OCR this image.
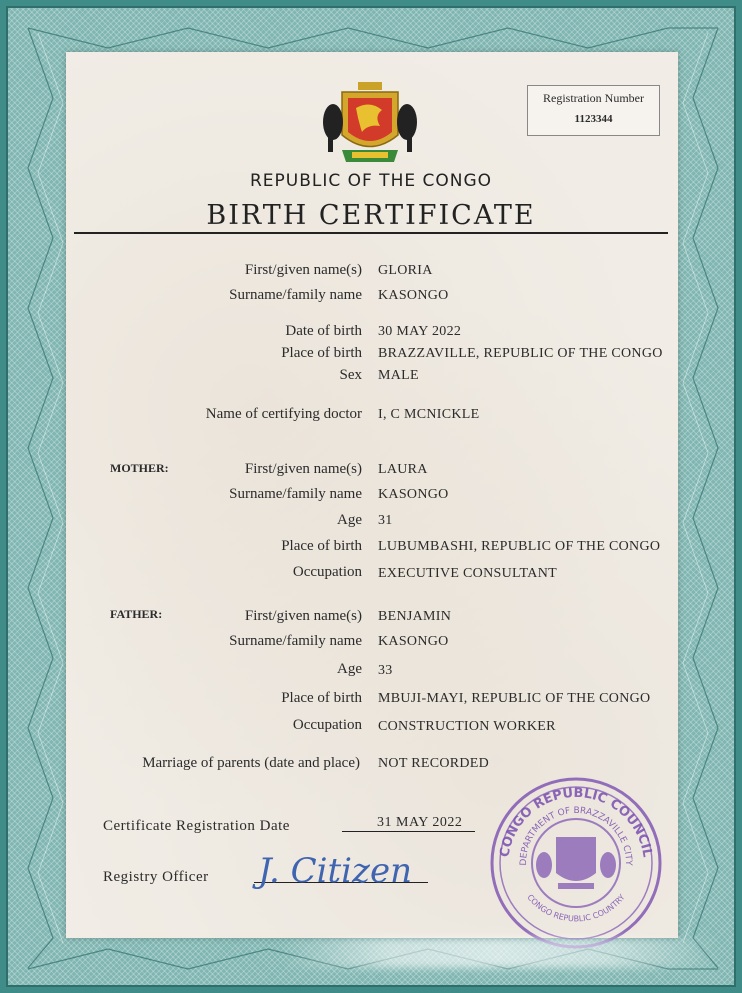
Registration Number
1123344
REPUBLIC OF THE CONGO
BIRTH CERTIFICATE
First/given name(s) GLORIA
Surname/family name KASONGO
Date of birth 30 MAY 2022
Place of birth BRAZZAVILLE, REPUBLIC OF THE CONGO
Sex MALE
Name of certifying doctor I, C MCNICKLE
MOTHER:	First/given name(s) LAURA
Surname/family name KASONGO
Age 31
Place of birth LUBUMBASHI, REPUBLIC OF THE CONGO
Occupation EXECUTIVE CONSULTANT
FATHER:	First/given name(s) BENJAMIN
Surname/family name KASONGO
Age 33
Place of birth MBUJI-MAYI, REPUBLIC OF THE CONGO
Occupation CONSTRUCTION WORKER
Marriage of parents (date and place) NOT RECORDED
Certificate Registration Date	31 MAY 2022
Registry Officer J. Citizen	CONGO REPUBLIC COUNCIL
DEPARTMENT OF BRAZZAVILLE CITY
CONGO REPUBLIC COUNTRY
